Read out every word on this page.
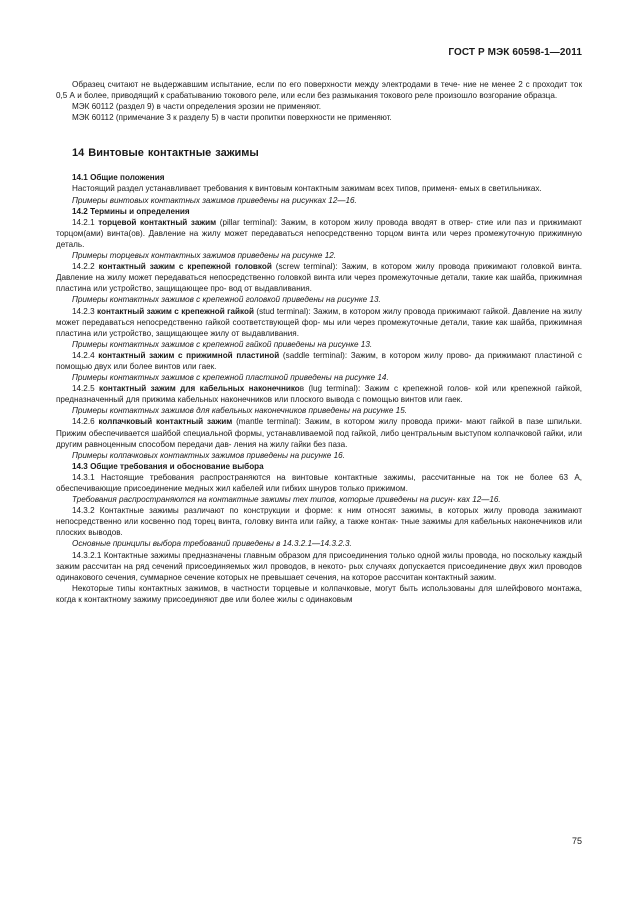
ГОСТ Р МЭК 60598-1—2011

Образец считают не выдержавшим испытание, если по его поверхности между электродами в тече- ние не менее 2 с проходит ток 0,5 А и более, приводящий к срабатыванию токового реле, или если без размыкания токового реле произошло возгорание образца.

МЭК 60112 (раздел 9) в части определения эрозии не применяют.

МЭК 60112 (примечание 3 к разделу 5) в части пропитки поверхности не применяют.

14 Винтовые контактные зажимы
14.1 Общие положения

Настоящий раздел устанавливает требования к винтовым контактным зажимам всех типов, применя- емых в светильниках.

Примеры винтовых контактных зажимов приведены на рисунках 12—16.

14.2 Термины и определения

14.2.1 торцевой контактный зажим (pillar terminal): Зажим, в котором жилу провода вводят в отвер- стие или паз и прижимают торцом(ами) винта(ов). Давление на жилу может передаваться непосредственно торцом винта или через промежуточную прижимную деталь.

Примеры торцевых контактных зажимов приведены на рисунке 12.

14.2.2 контактный зажим с крепежной головкой (screw terminal): Зажим, в котором жилу провода прижимают головкой винта. Давление на жилу может передаваться непосредственно головкой винта или через промежуточные детали, такие как шайба, прижимная пластина или устройство, защищающее про- вод от выдавливания.

Примеры контактных зажимов с крепежной головкой приведены на рисунке 13.

14.2.3 контактный зажим с крепежной гайкой (stud terminal): Зажим, в котором жилу провода прижимают гайкой. Давление на жилу может передаваться непосредственно гайкой соответствующей фор- мы или через промежуточные детали, такие как шайба, прижимная пластина или устройство, защищающее жилу от выдавливания.

Примеры контактных зажимов с крепежной гайкой приведены на рисунке 13.

14.2.4 контактный зажим с прижимной пластиной (saddle terminal): Зажим, в котором жилу прово- да прижимают пластиной с помощью двух или более винтов или гаек.

Примеры контактных зажимов с крепежной пластиной приведены на рисунке 14.

14.2.5 контактный зажим для кабельных наконечников (lug terminal): Зажим с крепежной голов- кой или крепежной гайкой, предназначенный для прижима кабельных наконечников или плоского вывода с помощью винтов или гаек.

Примеры контактных зажимов для кабельных наконечников приведены на рисунке 15.

14.2.6 колпачковый контактный зажим (mantle terminal): Зажим, в котором жилу провода прижи- мают гайкой в пазе шпильки. Прижим обеспечивается шайбой специальной формы, устанавливаемой под гайкой, либо центральным выступом колпачковой гайки, или другим равноценным способом передачи дав- ления на жилу гайки без паза.

Примеры колпачковых контактных зажимов приведены на рисунке 16.

14.3 Общие требования и обоснование выбора

14.3.1 Настоящие требования распространяются на винтовые контактные зажимы, рассчитанные на ток не более 63 А, обеспечивающие присоединение медных жил кабелей или гибких шнуров только прижимом.

Требования распространяются на контактные зажимы тех типов, которые приведены на рисун- ках 12—16.

14.3.2 Контактные зажимы различают по конструкции и форме: к ним относят зажимы, в которых жилу провода зажимают непосредственно или косвенно под торец винта, головку винта или гайку, а также контак- тные зажимы для кабельных наконечников или плоских выводов.

Основные принципы выбора требований приведены в 14.3.2.1—14.3.2.3.

14.3.2.1 Контактные зажимы предназначены главным образом для присоединения только одной жилы провода, но поскольку каждый зажим рассчитан на ряд сечений присоединяемых жил проводов, в некото- рых случаях допускается присоединение двух жил проводов одинакового сечения, суммарное сечение которых не превышает сечения, на которое рассчитан контактный зажим.

Некоторые типы контактных зажимов, в частности торцевые и колпачковые, могут быть использованы для шлейфового монтажа, когда к контактному зажиму присоединяют две или более жилы с одинаковым

75
